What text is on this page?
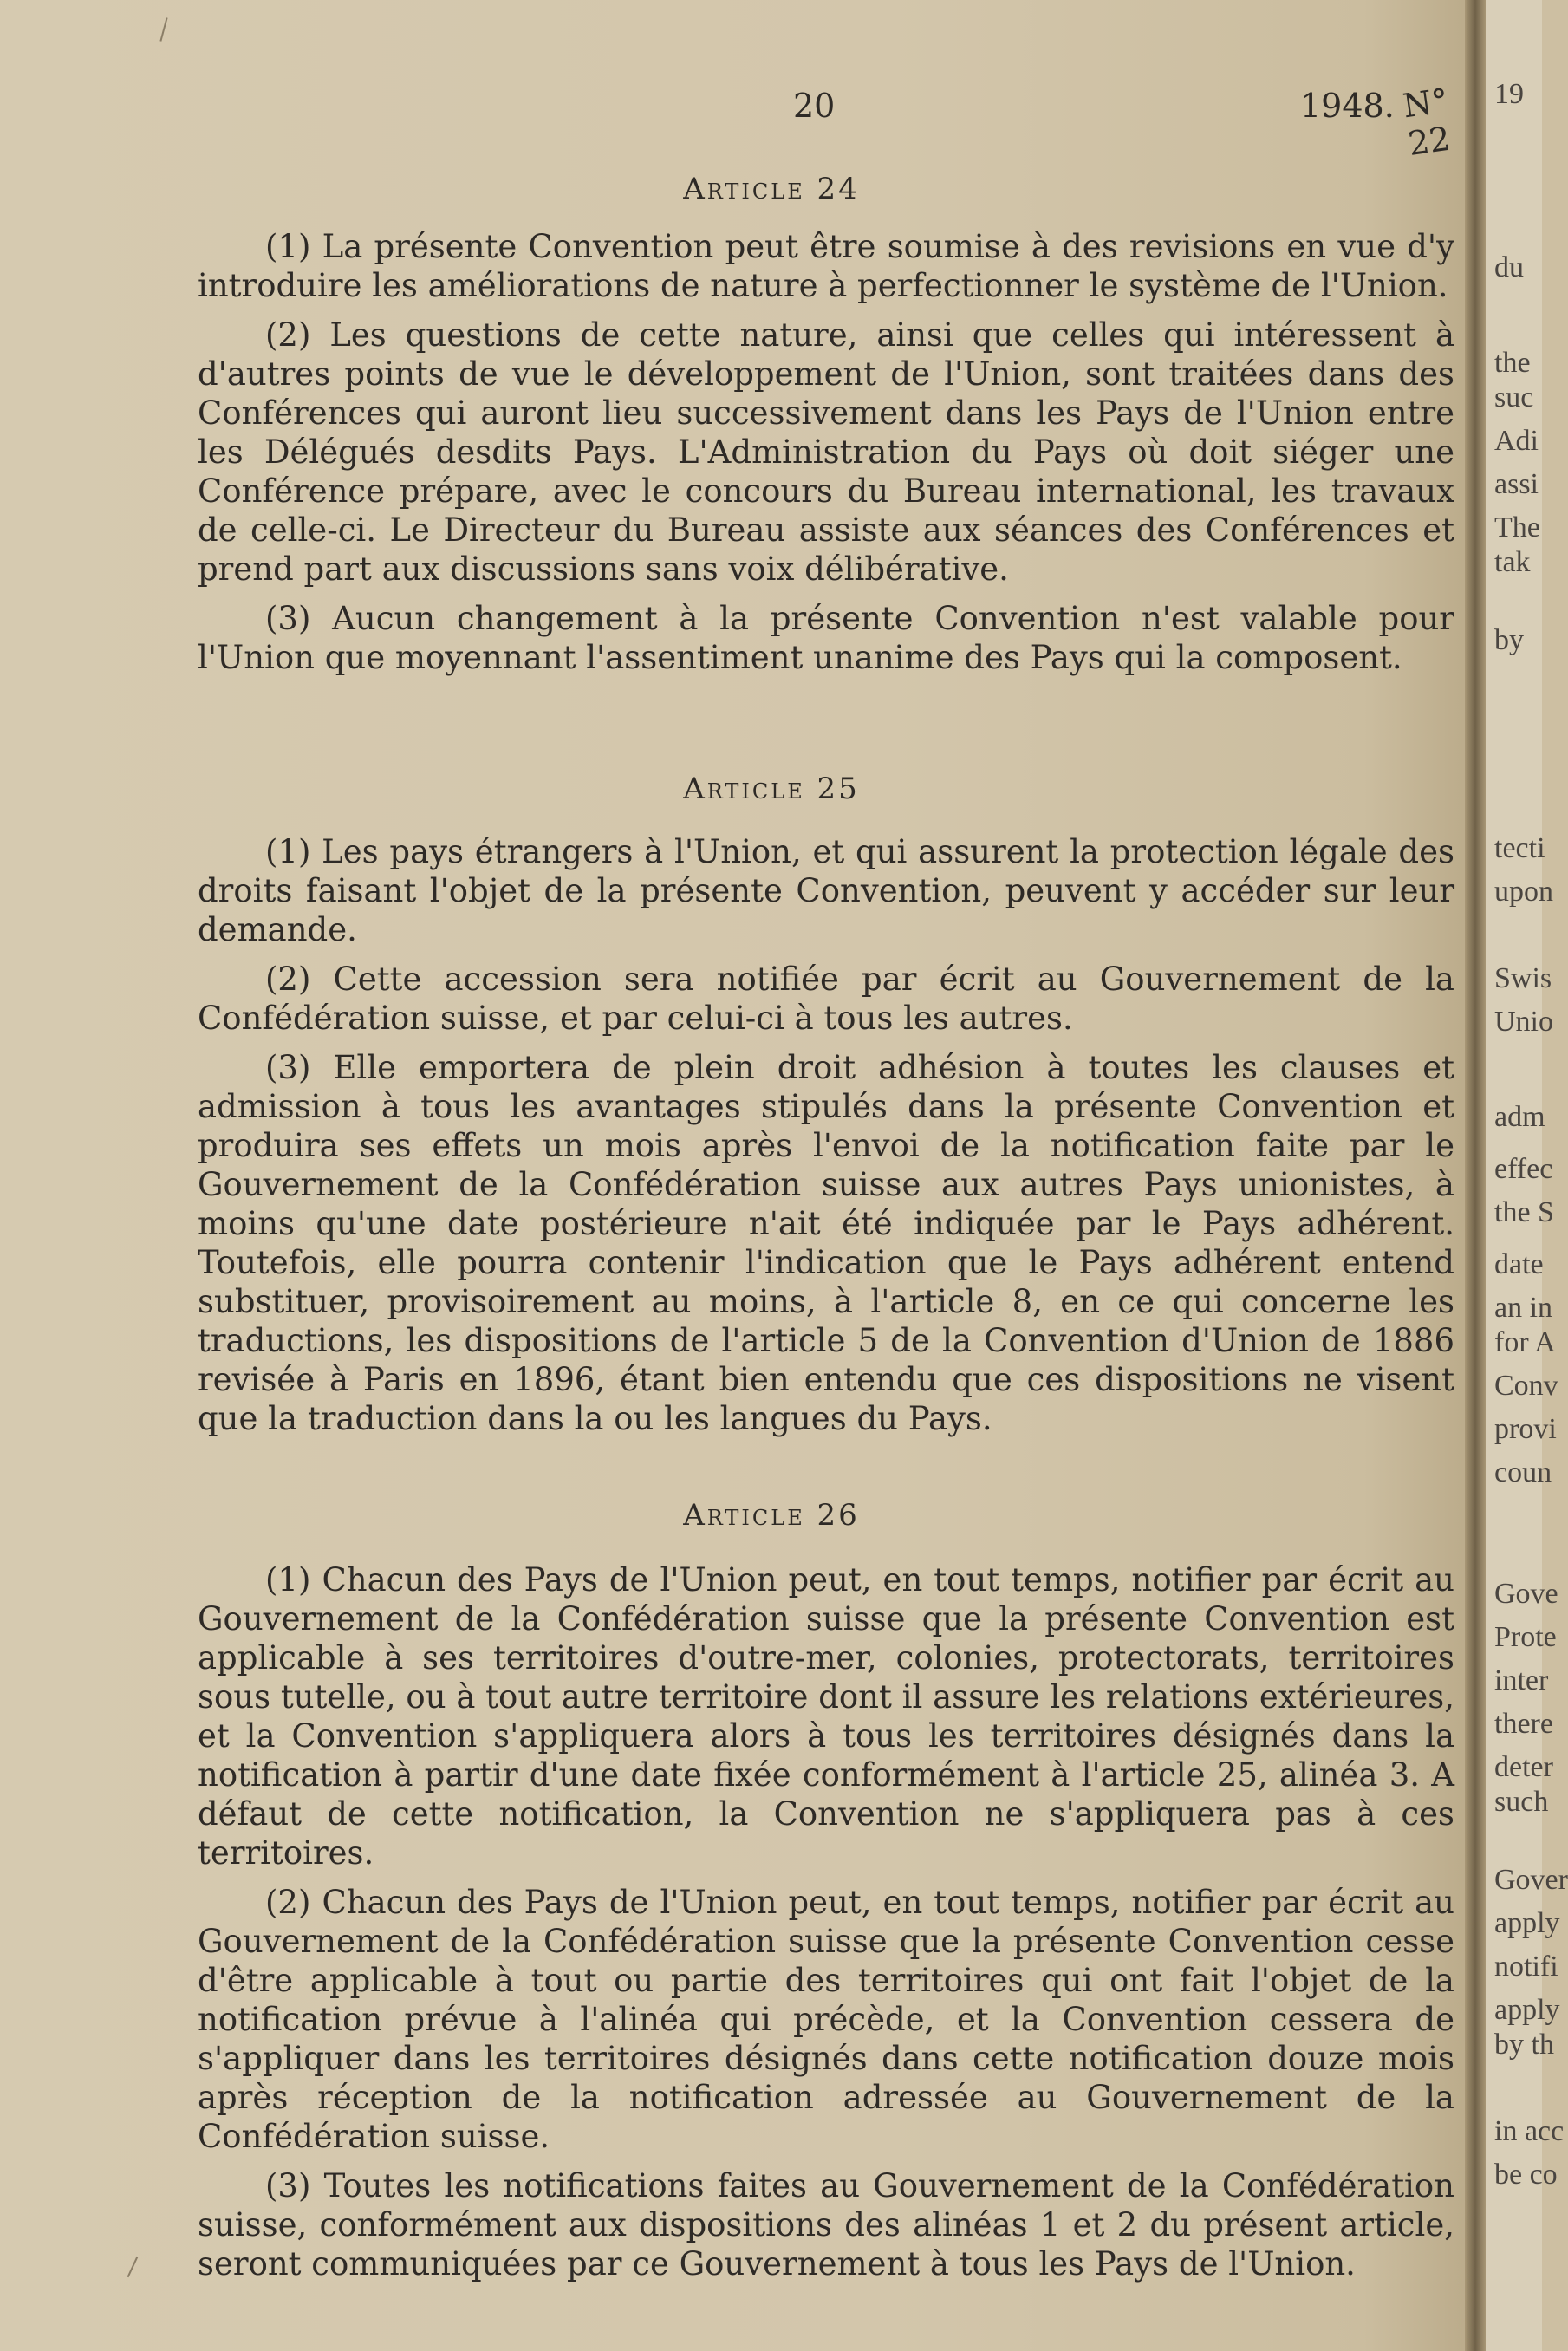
20	1948. N° 22
Article 24

(1) La présente Convention peut être soumise à des revisions en vue d'y introduire les améliorations de nature à perfectionner le système de l'Union.

(2) Les questions de cette nature, ainsi que celles qui intéressent à d'autres points de vue le développement de l'Union, sont traitées dans des Conférences qui auront lieu successivement dans les Pays de l'Union entre les Délégués desdits Pays. L'Administration du Pays où doit siéger une Conférence prépare, avec le concours du Bureau international, les travaux de celle-ci. Le Directeur du Bureau assiste aux séances des Conférences et prend part aux discussions sans voix délibérative.

(3) Aucun changement à la présente Convention n'est valable pour l'Union que moyennant l'assentiment unanime des Pays qui la composent.

Article 25

(1) Les pays étrangers à l'Union, et qui assurent la protection légale des droits faisant l'objet de la présente Convention, peuvent y accéder sur leur demande.

(2) Cette accession sera notifiée par écrit au Gouvernement de la Confédération suisse, et par celui-ci à tous les autres.

(3) Elle emportera de plein droit adhésion à toutes les clauses et admission à tous les avantages stipulés dans la présente Convention et produira ses effets un mois après l'envoi de la notification faite par le Gouvernement de la Confédération suisse aux autres Pays unionistes, à moins qu'une date postérieure n'ait été indiquée par le Pays adhérent. Toutefois, elle pourra contenir l'indication que le Pays adhérent entend substituer, provisoirement au moins, à l'article 8, en ce qui concerne les traductions, les dispositions de l'article 5 de la Convention d'Union de 1886 revisée à Paris en 1896, étant bien entendu que ces dispositions ne visent que la traduction dans la ou les langues du Pays.

Article 26

(1) Chacun des Pays de l'Union peut, en tout temps, notifier par écrit au Gouvernement de la Confédération suisse que la présente Convention est applicable à ses territoires d'outre-mer, colonies, protectorats, territoires sous tutelle, ou à tout autre territoire dont il assure les relations extérieures, et la Convention s'appliquera alors à tous les territoires désignés dans la notification à partir d'une date fixée conformément à l'article 25, alinéa 3. A défaut de cette notification, la Convention ne s'appliquera pas à ces territoires.

(2) Chacun des Pays de l'Union peut, en tout temps, notifier par écrit au Gouvernement de la Confédération suisse que la présente Convention cesse d'être applicable à tout ou partie des territoires qui ont fait l'objet de la notification prévue à l'alinéa qui précède, et la Convention cessera de s'appliquer dans les territoires désignés dans cette notification douze mois après réception de la notification adressée au Gouvernement de la Confédération suisse.

(3) Toutes les notifications faites au Gouvernement de la Confédération suisse, conformément aux dispositions des alinéas 1 et 2 du présent article, seront communiquées par ce Gouvernement à tous les Pays de l'Union.

19
du
the
suc
Adi
assi
The
tak
by
tecti
upon
Swis
Unio
adm
effec
the S
date
an in
for A
Conv
provi
coun
Gove
Prote
inter
there
deter
such
Gover
apply
notifi
apply
by th
in acc
be co
